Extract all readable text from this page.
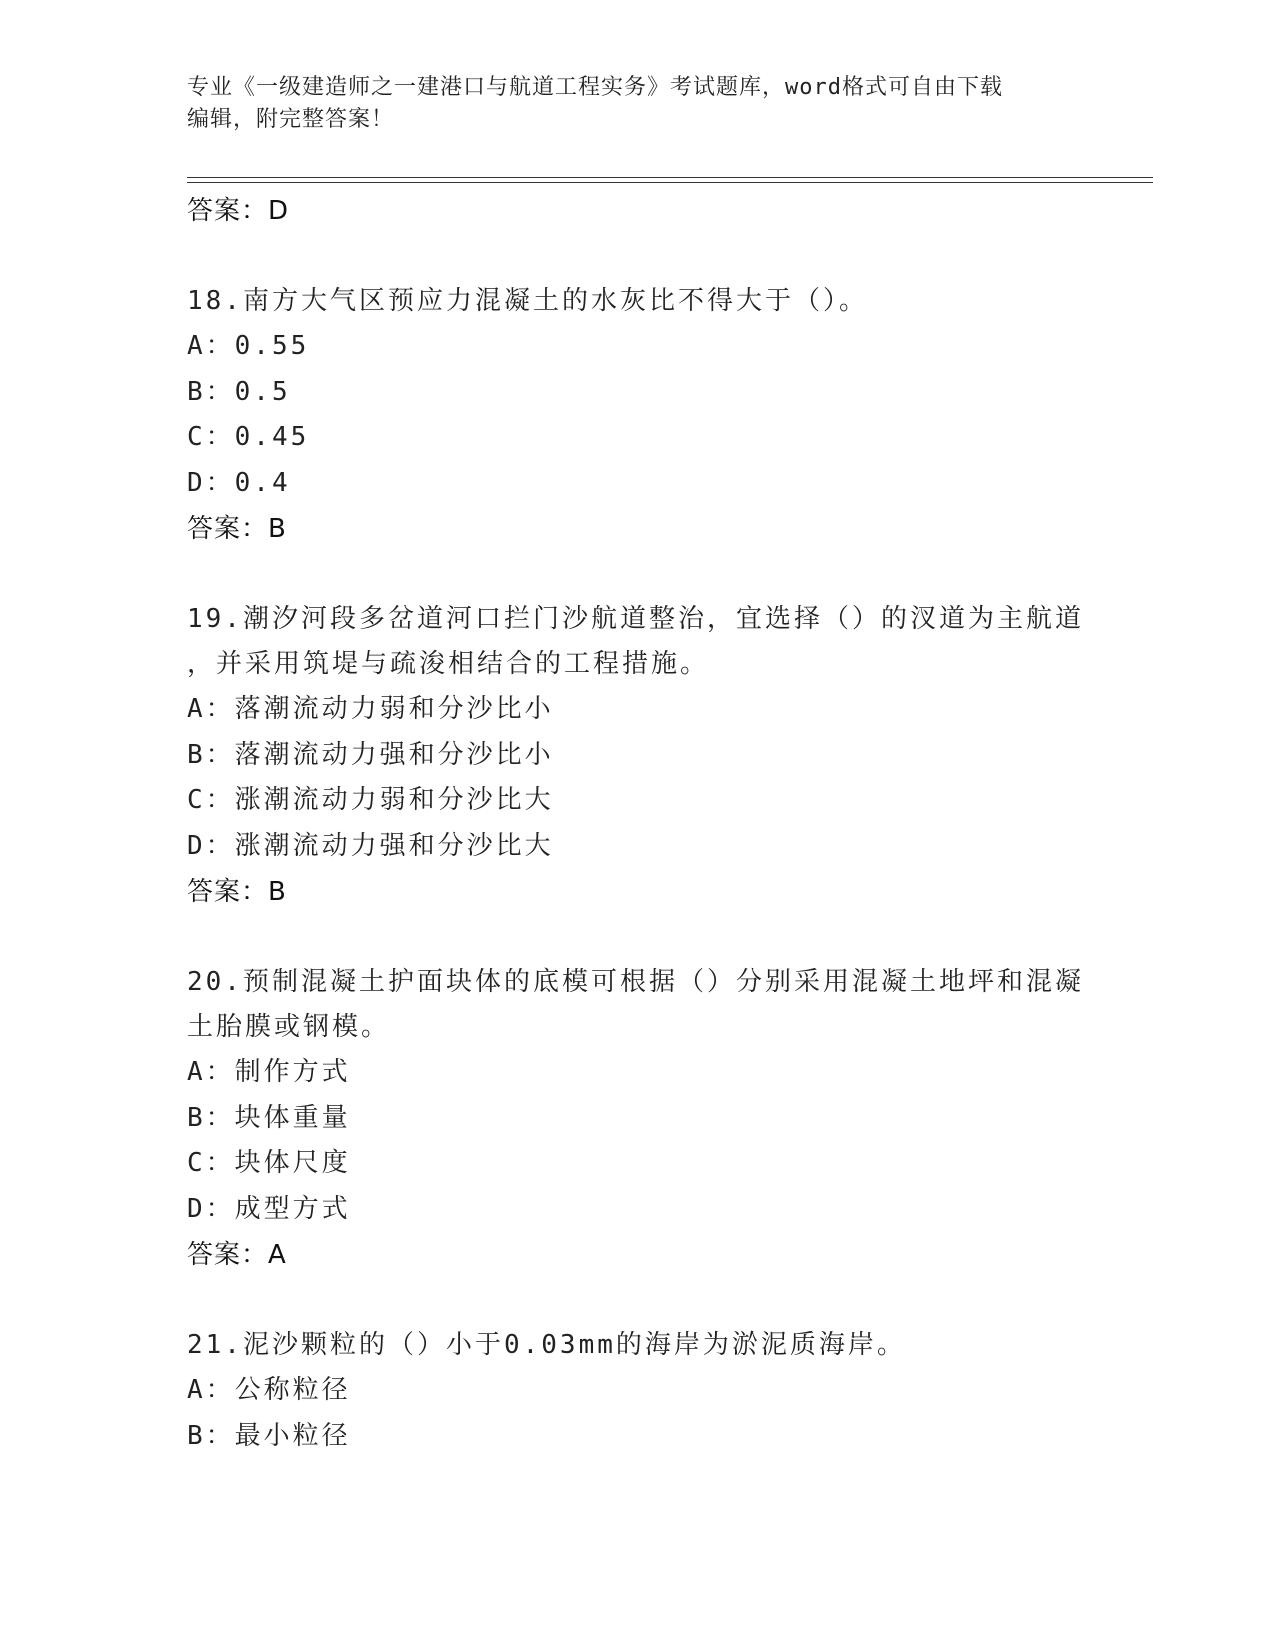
专业《一级建造师之一建港口与航道工程实务》考试题库，word格式可自由下载
编辑，附完整答案！
答案：D
18.南方大气区预应力混凝土的水灰比不得大于（）。
A：0.55
B：0.5
C：0.45
D：0.4
答案：B
19.潮汐河段多岔道河口拦门沙航道整治，宜选择（）的汊道为主航道
，并采用筑堤与疏浚相结合的工程措施。
A：落潮流动力弱和分沙比小
B：落潮流动力强和分沙比小
C：涨潮流动力弱和分沙比大
D：涨潮流动力强和分沙比大
答案：B
20.预制混凝土护面块体的底模可根据（）分别采用混凝土地坪和混凝
土胎膜或钢模。
A：制作方式
B：块体重量
C：块体尺度
D：成型方式
答案：A
21.泥沙颗粒的（）小于0.03mm的海岸为淤泥质海岸。
A：公称粒径
B：最小粒径
